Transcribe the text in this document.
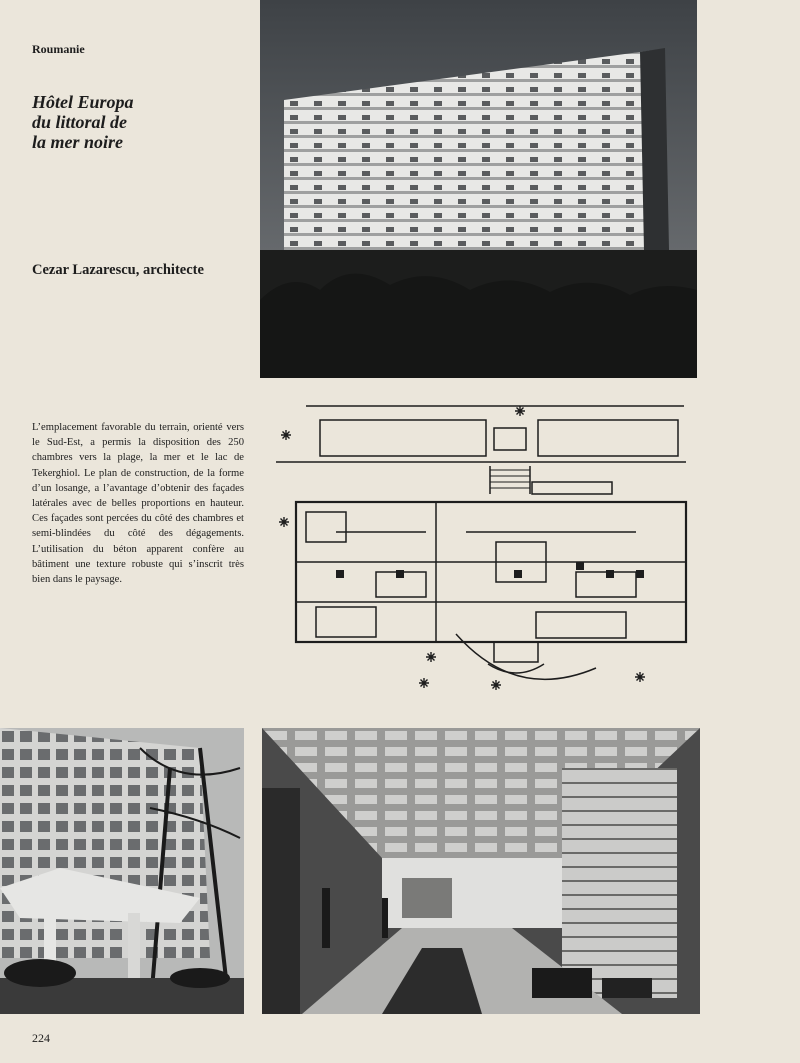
Roumanie
Hôtel Europa
du littoral de
la mer noire
Cezar Lazarescu, architecte

L’emplacement favorable du terrain, orienté vers le Sud-Est, a permis la disposition des 250 chambres vers la plage, la mer et le lac de Tekerghiol. Le plan de construction, de la forme d’un losange, a l’avantage d’obtenir des façades latérales avec de belles proportions en hauteur. Ces façades sont percées du côté des chambres et semi-blindées du côté des dégagements. L’utilisation du béton apparent confère au bâtiment une texture robuste qui s’inscrit très bien dans le paysage.

224
